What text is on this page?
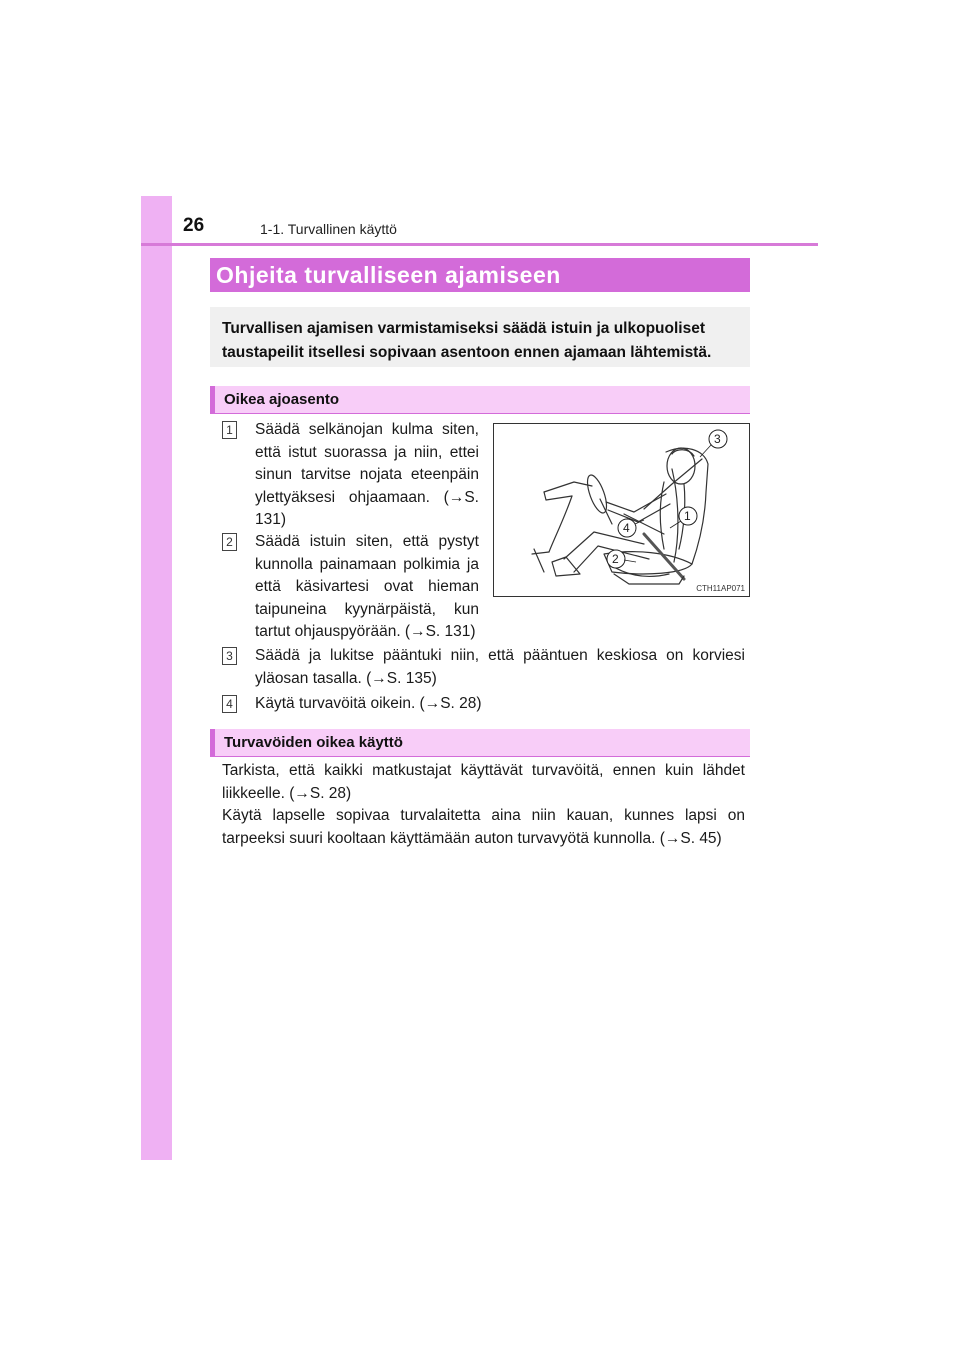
26	1-1. Turvallinen käyttö
Ohjeita turvalliseen ajamiseen
Turvallisen ajamisen varmistamiseksi säädä istuin ja ulkopuoliset taustapeilit itsellesi sopivaan asentoon ennen ajamaan lähtemistä.
Oikea ajoasento
1	Säädä selkänojan kulma siten, että istut suorassa ja niin, ettei sinun tarvitse nojata eteenpäin ylettyäksesi ohjaamaan. (→S. 131)
2	Säädä istuin siten, että pystyt kunnolla painamaan polkimia ja että käsivartesi ovat hieman taipuneina kyynärpäistä, kun tartut ohjauspyörään. (→S. 131)
3	Säädä ja lukitse pääntuki niin, että pääntuen keskiosa on korviesi yläosan tasalla. (→S. 135)
4	Käytä turvavöitä oikein. (→S. 28)
3
1
4
2
CTH11AP071
Turvavöiden oikea käyttö
Tarkista, että kaikki matkustajat käyttävät turvavöitä, ennen kuin lähdet liikkeelle. (→S. 28)
Käytä lapselle sopivaa turvalaitetta aina niin kauan, kunnes lapsi on tarpeeksi suuri kooltaan käyttämään auton turvavyötä kunnolla. (→S. 45)
